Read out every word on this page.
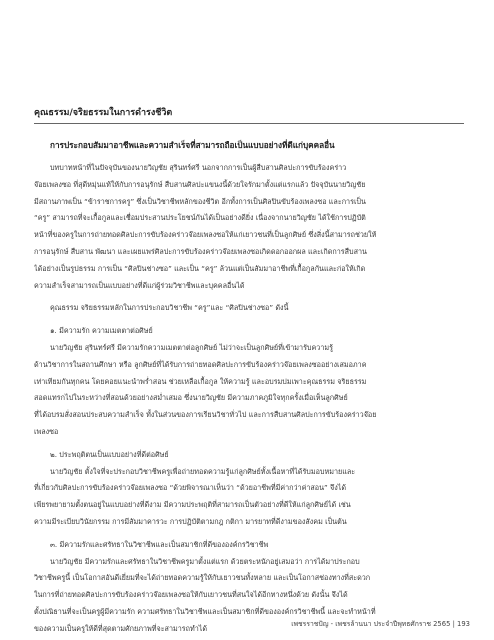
คุณธรรม/จริยธรรมในการดำรงชีวิต
การประกอบสัมมาอาชีพและความสำเร็จที่สามารถถือเป็นแบบอย่างที่ดีแก่บุคคลอื่น
บทบาทหน้าที่ในปัจจุบันของนายวิญชัย สุรินทร์ศรี นอกจากการเป็นผู้สืบสานศิลปะการขับร้องคร่าว
จ๊อยเพลงซอ ที่สุดีหมุ่นแท้ให้กับการอนุรักษ์ สืบสานศิลปะแขนงนี้ด้วยใจรักมาตั้งแต่แรกแล้ว ปัจจุบันนายวิญชัย
มีสถานภาพเป็น “ข้าราชการครู” ซึ่งเป็นวิชาชีพหลักของชีวิต อีกทั้งการเป็นศิลปินขับร้องเพลงซอ และการเป็น
“ครู” สามารถที่จะเกื้อกูลและเชื่อมประสานประโยชน์กันได้เป็นอย่างดียิ่ง เนื่องจากนายวิญชัย ได้ใช้การปฏิบัติ
หน้าที่ของครูในการถ่ายทอดศิลปะการขับร้องคร่าวจ๊อยเพลงซอให้แก่เยาวชนที่เป็นลูกศิษย์ ซึ่งสิ่งนี้สามารถช่วยให้
การอนุรักษ์ สืบสาน พัฒนา และเผยแพร่ศิลปะการขับร้องคร่าวจ๊อยเพลงซอเกิดดอกออกผล และเกิดการสืบสาน
ได้อย่างเป็นรูปธรรม การเป็น “ศิลปินช่างซอ” และเป็น “ครู” ล้วนแต่เป็นสัมมาอาชีพที่เกื้อกูลกันและก่อให้เกิด
ความสำเร็จสามารถเป็นแบบอย่างที่ดีแก่ผู้ร่วมวิชาชีพและบุคคลอื่นได้
คุณธรรม จริยธรรมหลักในการประกอบวิชาชีพ “ครู”และ “ศิลปินช่างซอ” ดังนี้
๑. มีความรัก ความเมตตาต่อศิษย์
นายวิญชัย สุรินทร์ศรี มีความรักความเมตตาต่อลูกศิษย์ ไม่ว่าจะเป็นลูกศิษย์ที่เข้ามารับความรู้
ด้านวิชาการในสถานศึกษา หรือ ลูกศิษย์ที่ได้รับการถ่ายทอดศิลปะการขับร้องคร่าวจ๊อยเพลงซออย่างเสมอภาค
เท่าเทียมกันทุกคน โดยคอยแนะนำพร่ำสอน ช่วยเหลือเกื้อกูล ให้ความรู้ และอบรมบ่มเพาะคุณธรรม จริยธรรม
สอดแทรกไปในระหว่างที่สอนด้วยอย่างสม่ำเสมอ ซึ่งนายวิญชัย มีความภาคภูมิใจทุกครั้งเมื่อเห็นลูกศิษย์
ที่ได้อบรมสั่งสอนประสบความสำเร็จ ทั้งในส่วนของการเรียนวิชาทั่วไป และการสืบสานศิลปะการขับร้องคร่าวจ๊อย
เพลงซอ
๒. ประพฤติตนเป็นแบบอย่างที่ดีต่อศิษย์
นายวิญชัย ตั้งใจที่จะประกอบวิชาชีพครูเพื่อถ่ายทอดความรู้แก่ลูกศิษย์ทั้งเนื้อหาที่ได้รับมอบหมายและ
ที่เกี่ยวกับศิลปะการขับร้องคร่าวจ๊อยเพลงซอ “ด้วยพิจารณาเห็นว่า “ด้วยอาชีพที่มีค่ากว่าค่าสอน” จึงได้
เพียรพยายามตั้งตนอยู่ในแบบอย่างที่ดีงาม มีความประพฤติที่สามารถเป็นตัวอย่างที่ดีให้แก่ลูกศิษย์ได้ เช่น
ความมีระเบียบวินัยกรรม การมีสัมมาคารวะ การปฏิบัติตามกฎ กติกา มารยาทที่ดีงามของสังคม เป็นต้น
๓. มีความรักและศรัทธาในวิชาชีพและเป็นสมาชิกที่ดีขององค์กรวิชาชีพ
นายวิญชัย มีความรักและศรัทธาในวิชาชีพครูมาตั้งแต่แรก ด้วยตระหนักอยู่เสมอว่า การได้มาประกอบ
วิชาชีพครูนี้ เป็นโอกาสอันดีเยี่ยมที่จะได้ถ่ายทอดความรู้ให้กับเยาวชนทั้งหลาย และเป็นโอกาสช่องทางที่สะดวก
ในการที่ถ่ายทอดศิลปะการขับร้องคร่าวจ๊อยเพลงซอให้กับเยาวชนที่สนใจได้อีกทางหนึ่งด้วย ดังนั้น จึงได้
ตั้งปณิธานที่จะเป็นครูผู้มีความรัก ความศรัทธาในวิชาชีพและเป็นสมาชิกที่ดีขององค์กรวิชาชีพนี้ และจะทำหน้าที่
ของความเป็นครูให้ดีที่สุดตามศักยภาพที่จะสามารถทำได้	เพชรราชปัญ - เพชรล้านนา ประจำปีพุทธศักราช 2565 | 193
